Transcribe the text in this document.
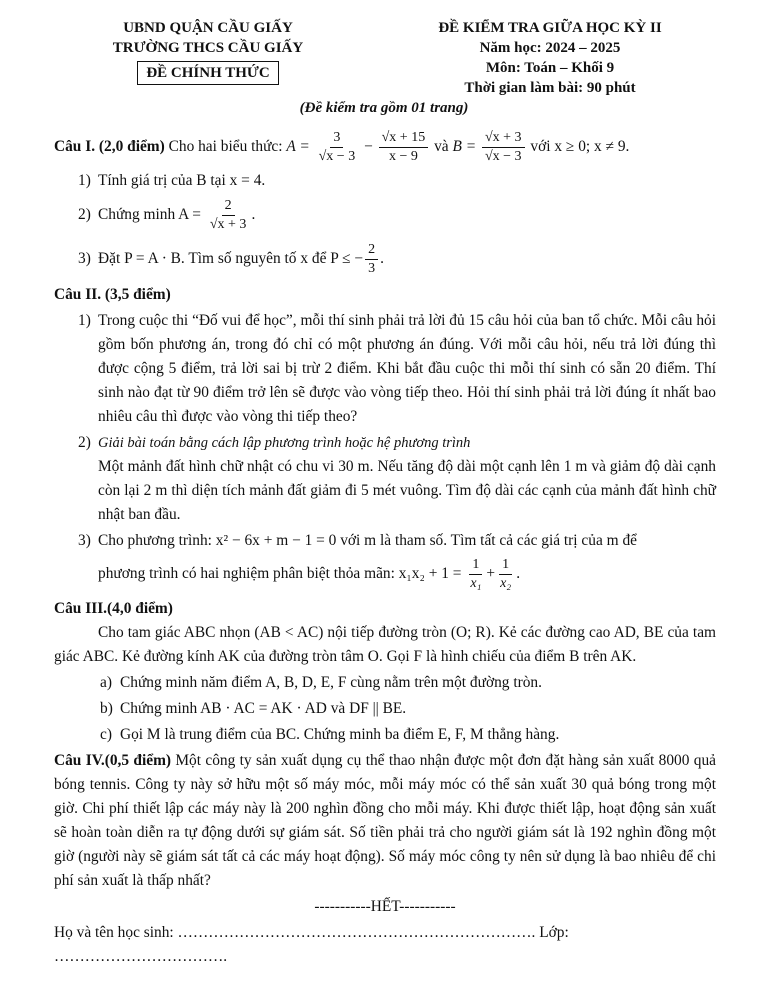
UBND QUẬN CẦU GIẤY
TRƯỜNG THCS CẦU GIẤY
ĐỀ CHÍNH THỨC
ĐỀ KIỂM TRA GIỮA HỌC KỲ II
Năm học: 2024 – 2025
Môn: Toán – Khối 9
Thời gian làm bài: 90 phút
(Đề kiểm tra gồm 01 trang)
Câu I. (2,0 điểm) Cho hai biểu thức: $A = \frac{3}{√x - 3} - \frac{√x + 15}{x - 9}$ và $B = \frac{√x + 3}{√x - 3}$ với x ≥ 0; x ≠ 9.
1) Tính giá trị của B tại x = 4.
2) Chứng minh $A = \frac{2}{√x + 3}$ .
3) Đặt P = A · B. Tìm số nguyên tố x để P ≤ − $\frac{2}{3}$ .
Câu II. (3,5 điểm)
1) Trong cuộc thi “Đố vui để học”, mỗi thí sinh phải trả lời đủ 15 câu hỏi của ban tổ chức. Mỗi câu hỏi gồm bốn phương án, trong đó chỉ có một phương án đúng. Với mỗi câu hỏi, nếu trả lời đúng thì được cộng 5 điểm, trả lời sai bị trừ 2 điểm. Khi bắt đầu cuộc thi mỗi thí sinh có sẵn 20 điểm. Thí sinh nào đạt từ 90 điểm trở lên sẽ được vào vòng tiếp theo. Hỏi thí sinh phải trả lời đúng ít nhất bao nhiêu câu thì được vào vòng thi tiếp theo?
2) Giải bài toán bằng cách lập phương trình hoặc hệ phương trình
Một mảnh đất hình chữ nhật có chu vi 30 m. Nếu tăng độ dài một cạnh lên 1 m và giảm độ dài cạnh còn lại 2 m thì diện tích mảnh đất giảm đi 5 mét vuông. Tìm độ dài các cạnh của mảnh đất hình chữ nhật ban đầu.
3) Cho phương trình: x² − 6x + m − 1 = 0 với m là tham số. Tìm tất cả các giá trị của m để

phương trình có hai nghiệm phân biệt thỏa mãn: x₁x₂ + 1 =
$\frac{1}{\text{x₁}} + \frac{1}{\text{x₂}}$ .
Câu III.(4,0 điểm)

Cho tam giác ABC nhọn (AB < AC) nội tiếp đường tròn (O; R). Kẻ các đường cao AD, BE của tam giác ABC. Kẻ đường kính AK của đường tròn tâm O. Gọi F là hình chiếu của điểm B trên AK.

a) Chứng minh năm điểm A, B, D, E, F cùng nằm trên một đường tròn.
b) Chứng minh AB · AC = AK · AD và DF || BE.
c) Gọi M là trung điểm của BC. Chứng minh ba điểm E, F, M thẳng hàng.

Câu IV.(0,5 điểm) Một công ty sản xuất dụng cụ thể thao nhận được một đơn đặt hàng sản xuất 8000 quả bóng tennis. Công ty này sở hữu một số máy móc, mỗi máy móc có thể sản xuất 30 quả bóng trong một giờ. Chi phí thiết lập các máy này là 200 nghìn đồng cho mỗi máy. Khi được thiết lập, hoạt động sản xuất sẽ hoàn toàn diễn ra tự động dưới sự giám sát. Số tiền phải trả cho người giám sát là 192 nghìn đồng một giờ (người này sẽ giám sát tất cả các máy hoạt động). Số máy móc công ty nên sử dụng là bao nhiêu để chi phí sản xuất là thấp nhất?

-----------HẾT-----------
Họ và tên học sinh: ……………………………………………………………. Lớp: …………………………….
